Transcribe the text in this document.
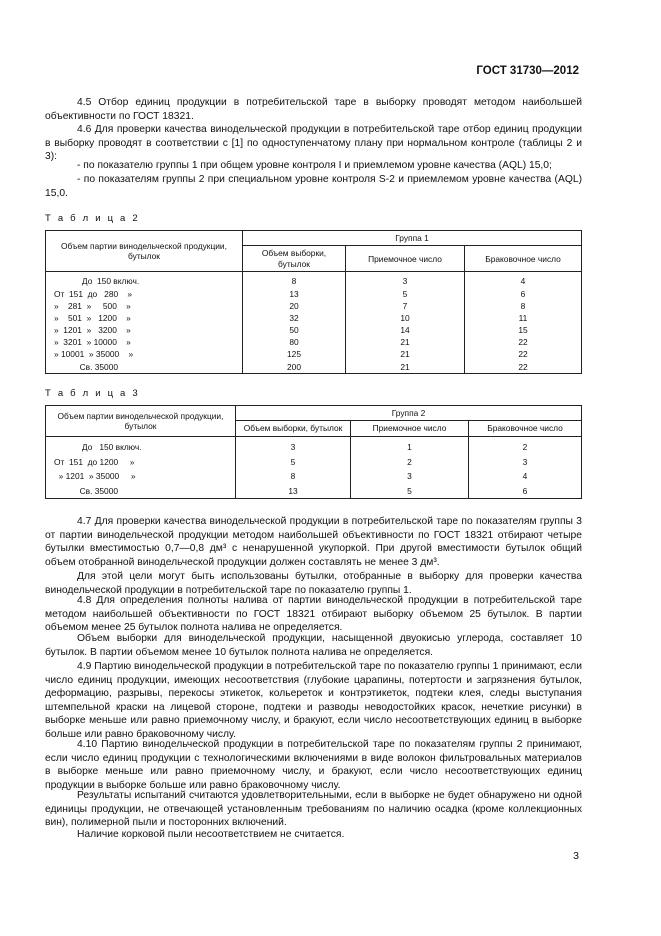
ГОСТ 31730—2012

4.5 Отбор единиц продукции в потребительской таре в выборку проводят методом наибольшей объективности по ГОСТ 18321.

4.6 Для проверки качества винодельческой продукции в потребительской таре отбор единиц продукции в выборку проводят в соответствии с [1] по одноступенчатому плану при нормальном контроле (таблицы 2 и 3):

- по показателю группы 1 при общем уровне контроля I и приемлемом уровне качества (AQL) 15,0;

- по показателям группы 2 при специальном уровне контроля S-2 и приемлемом уровне качества (AQL) 15,0.

Т а б л и ц а 2
Объем партии винодельческой продукции, бутылок	Группа 1		
	Объем выборки, бутылок	Приемочное число	Браковочное число
До  150 включ.	8	3	4
От  151  до   280    »	13	5	6
»    281  »     500    »	20	7	8
»    501  »   1200    »	32	10	11
»  1201  »   3200    »	50	14	15
»  3201  » 10000    »	80	21	22
» 10001  » 35000    »	125	21	22
Св. 35000	200	21	22
Т а б л и ц а 3
Объем партии винодельческой продукции, бутылок	Группа 2		
	Объем выборки, бутылок	Приемочное число	Браковочное число
До   150 включ.	3	1	2
От  151  до 1200     »	5	2	3
» 1201  » 35000     »	8	3	4
Св. 35000	13	5	6

4.7 Для проверки качества винодельческой продукции в потребительской таре по показателям группы 3 от партии винодельческой продукции методом наибольшей объективности по ГОСТ 18321 отбирают четыре бутылки вместимостью 0,7—0,8 дм³ с ненарушенной укупоркой. При другой вместимости бутылок общий объем отобранной винодельческой продукции должен составлять не менее 3 дм³.

Для этой цели могут быть использованы бутылки, отобранные в выборку для проверки качества винодельческой продукции в потребительской таре по показателю группы 1.

4.8 Для определения полноты налива от партии винодельческой продукции в потребительской таре методом наибольшей объективности по ГОСТ 18321 отбирают выборку объемом 25 бутылок. В партии объемом менее 25 бутылок полнота налива не определяется.

Объем выборки для винодельческой продукции, насыщенной двуокисью углерода, составляет 10 бутылок. В партии объемом менее 10 бутылок полнота налива не определяется.

4.9 Партию винодельческой продукции в потребительской таре по показателю группы 1 принимают, если число единиц продукции, имеющих несоответствия (глубокие царапины, потертости и загрязнения бутылок, деформацию, разрывы, перекосы этикеток, кольереток и контрэтикеток, подтеки клея, следы выступания штемпельной краски на лицевой стороне, подтеки и разводы неводостойких красок, нечеткие рисунки) в выборке меньше или равно приемочному числу, и бракуют, если число несоответствующих единиц в выборке больше или равно браковочному числу.

4.10 Партию винодельческой продукции в потребительской таре по показателям группы 2 принимают, если число единиц продукции с технологическими включениями в виде волокон фильтровальных материалов в выборке меньше или равно приемочному числу, и бракуют, если число несоответствующих единиц продукции в выборке больше или равно браковочному числу.

Результаты испытаний считаются удовлетворительными, если в выборке не будет обнаружено ни одной единицы продукции, не отвечающей установленным требованиям по наличию осадка (кроме коллекционных вин), полимерной пыли и посторонних включений.

Наличие корковой пыли несоответствием не считается.

3
